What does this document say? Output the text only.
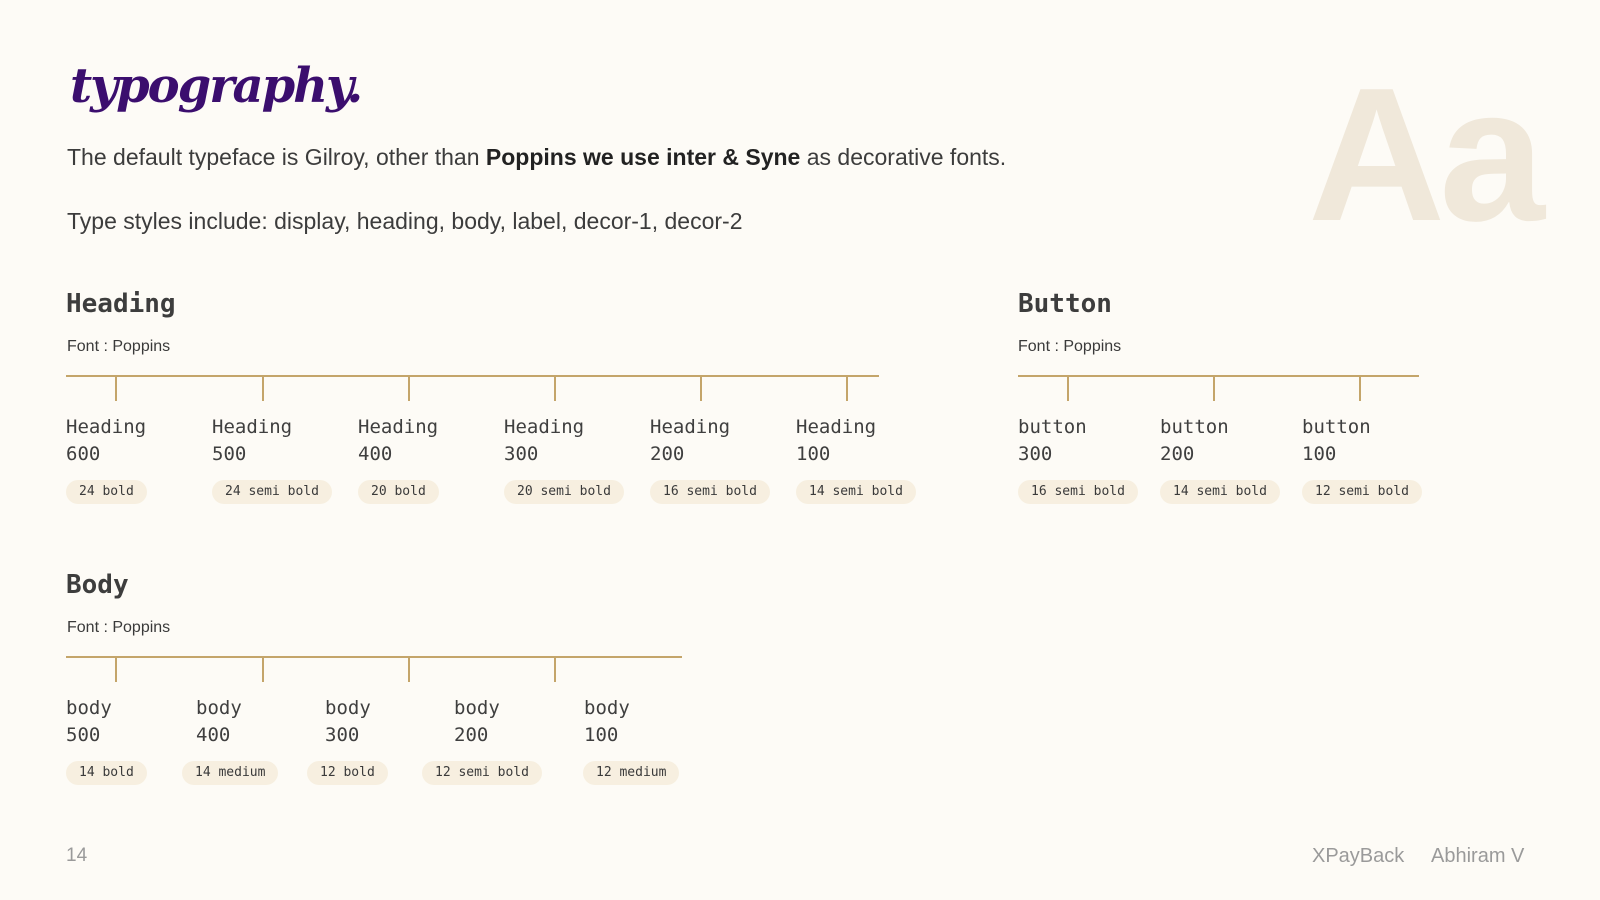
typography.
The default typeface is Gilroy, other than Poppins we use inter & Syne as decorative fonts.
Type styles include: display, heading, body, label, decor-1, decor-2	Aa
Heading
Font : Poppins
Heading
600
Heading
500
Heading
400
Heading
300
Heading
200
Heading
100
24 bold	24 semi bold	20 bold	20 semi bold	16 semi bold	14 semi bold
Button
Font : Poppins
button
300
button
200
button
100
16 semi bold	14 semi bold	12 semi bold
Body
Font : Poppins
body
500
body
400
body
300
body
200
body
100
14 bold	14 medium	12 bold	12 semi bold	12 medium
14	XPayBack Abhiram V
